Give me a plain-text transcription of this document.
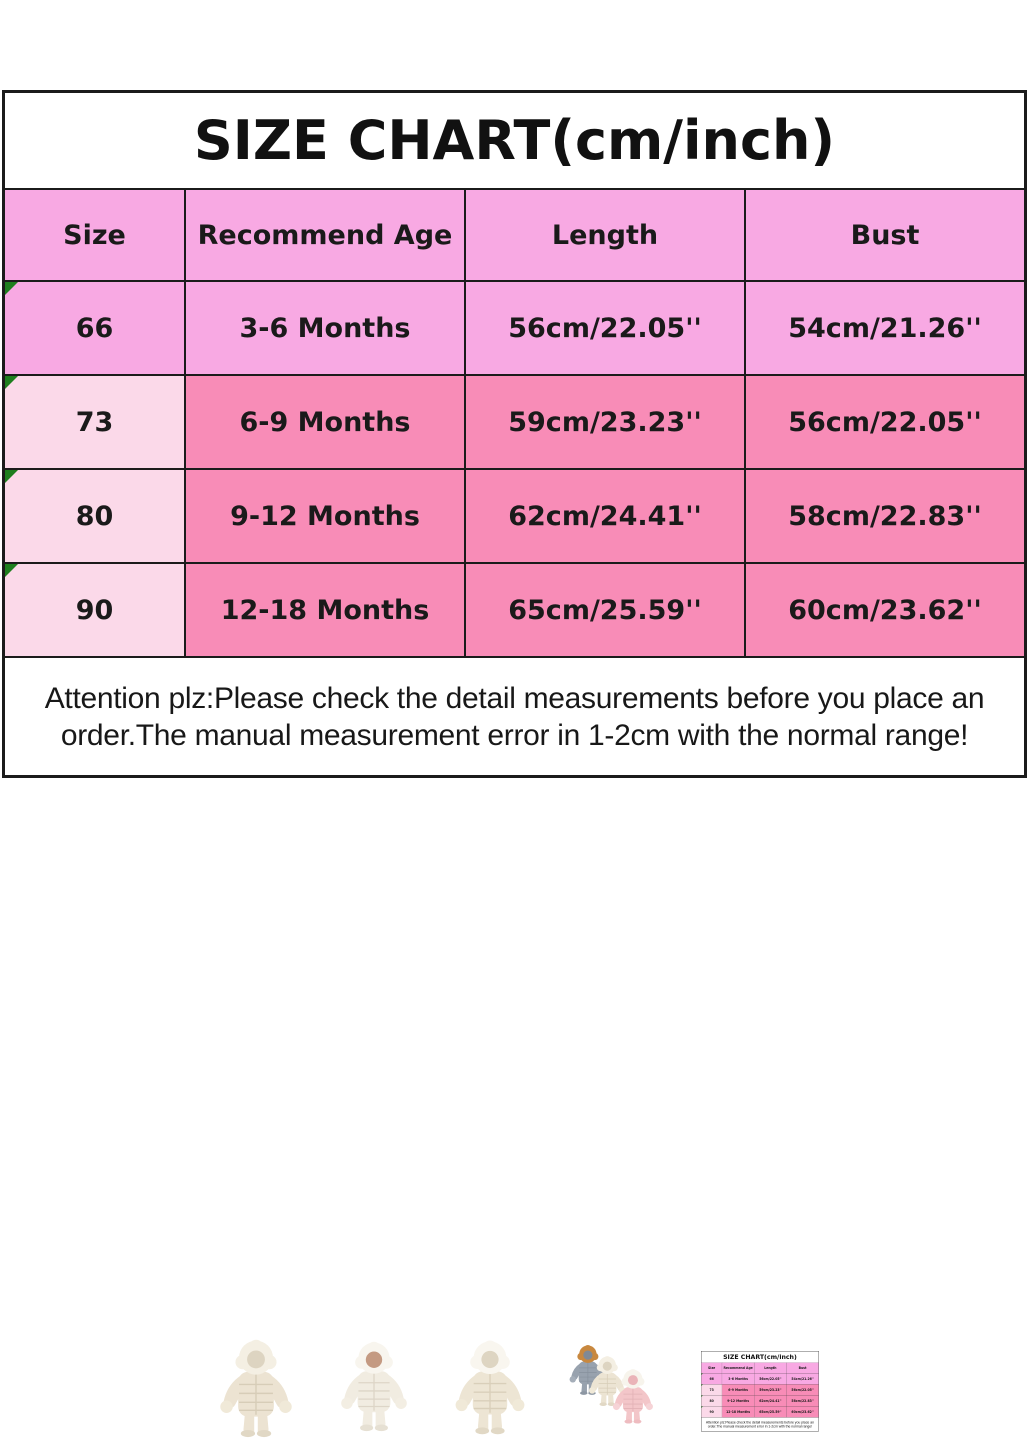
SIZE CHART(cm/inch)
Size	Recommend Age	Length	Bust
66	3-6 Months	56cm/22.05''	54cm/21.26''
73	6-9 Months	59cm/23.23''	56cm/22.05''
80	9-12 Months	62cm/24.41''	58cm/22.83''
90	12-18 Months	65cm/25.59''	60cm/23.62''
Attention plz:Please check the detail measurements before you place an
order.The manual measurement error in 1-2cm with the normal range!
SIZE CHART(cm/inch)
Size Recommend Age Length Bust
66 3-6 Months 56cm/22.05'' 54cm/21.26''
73 6-9 Months 59cm/23.23'' 56cm/22.05''
80 9-12 Months 62cm/24.41'' 58cm/22.83''
90 12-18 Months 65cm/25.59'' 60cm/23.62''
Attention plz:Please check the detail measurements before you place an
order.The manual measurement error in 1-2cm with the normal range!
